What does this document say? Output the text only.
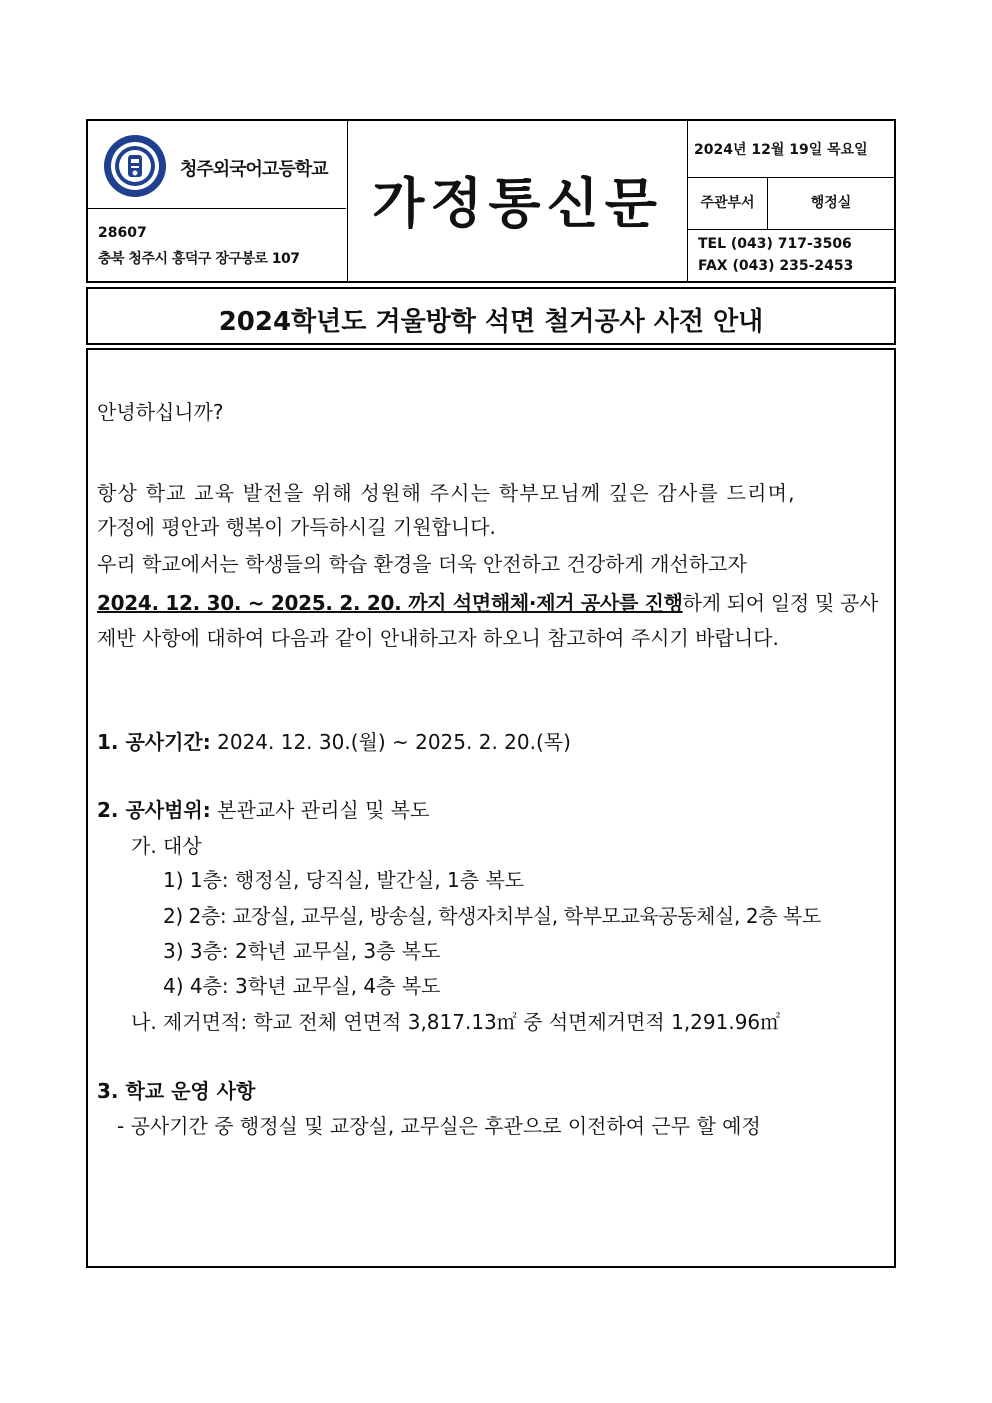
청주외국어고등학교
28607
충북 청주시 흥덕구 장구봉로 107
가정통신문
2024년 12월 19일 목요일
주관부서	행정실
TEL (043) 717-3506
FAX (043) 235-2453
2024학년도 겨울방학 석면 철거공사 사전 안내
안녕하십니까?
항상 학교 교육 발전을 위해 성원해 주시는 학부모님께 깊은 감사를 드리며,
가정에 평안과 행복이 가득하시길 기원합니다.
우리 학교에서는 학생들의 학습 환경을 더욱 안전하고 건강하게 개선하고자
2024. 12. 30. ~ 2025. 2. 20. 까지 석면해체·제거 공사를 진행하게 되어 일정 및 공사
제반 사항에 대하여 다음과 같이 안내하고자 하오니 참고하여 주시기 바랍니다.
1. 공사기간: 2024. 12. 30.(월) ~ 2025. 2. 20.(목)
2. 공사범위: 본관교사 관리실 및 복도
가. 대상
1) 1층: 행정실, 당직실, 발간실, 1층 복도
2) 2층: 교장실, 교무실, 방송실, 학생자치부실, 학부모교육공동체실, 2층 복도
3) 3층: 2학년 교무실, 3층 복도
4) 4층: 3학년 교무실, 4층 복도
나. 제거면적: 학교 전체 연면적 3,817.13㎡ 중 석면제거면적 1,291.96㎡
3. 학교 운영 사항
- 공사기간 중 행정실 및 교장실, 교무실은 후관으로 이전하여 근무 할 예정
